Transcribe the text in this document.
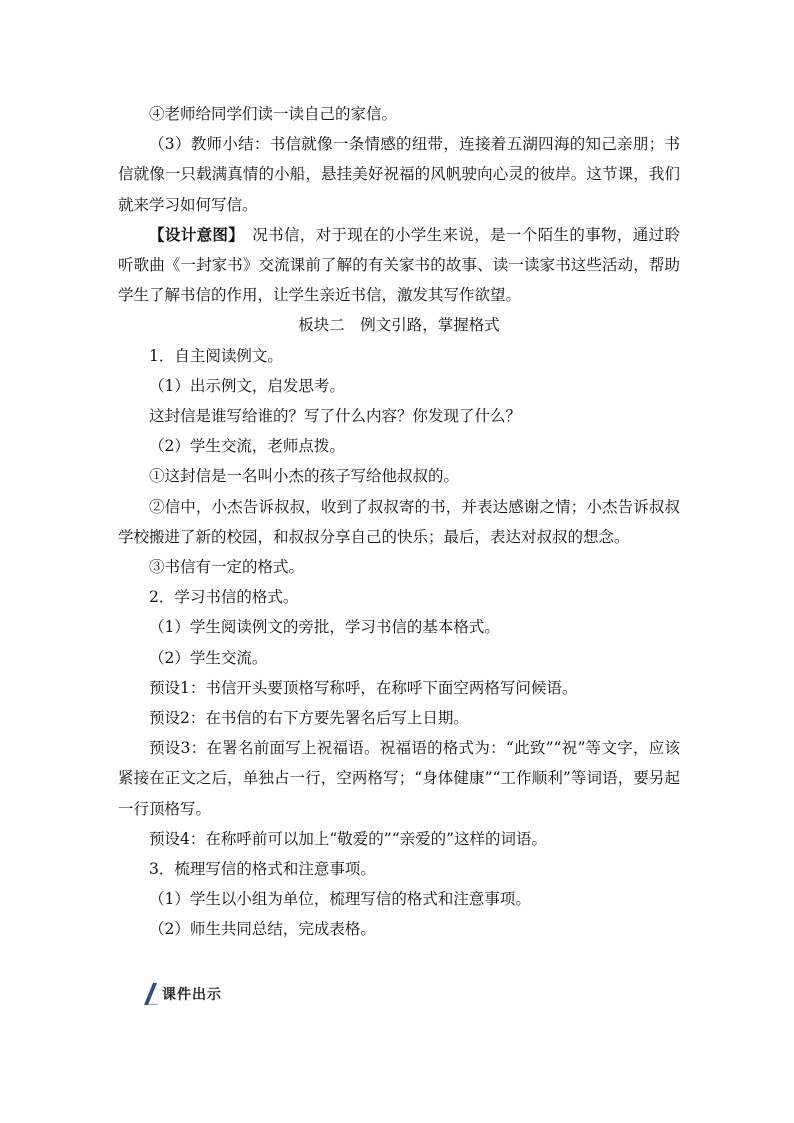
④老师给同学们读一读自己的家信。

（3）教师小结：书信就像一条情感的纽带，连接着五湖四海的知己亲朋；书信就像一只载满真情的小船，悬挂美好祝福的风帆驶向心灵的彼岸。这节课，我们就来学习如何写信。

【设计意图】　况书信，对于现在的小学生来说，是一个陌生的事物，通过聆听歌曲《一封家书》交流课前了解的有关家书的故事、读一读家书这些活动，帮助学生了解书信的作用，让学生亲近书信，激发其写作欲望。

板块二　例文引路，掌握格式

1．自主阅读例文。

（1）出示例文，启发思考。

这封信是谁写给谁的？写了什么内容？你发现了什么？

（2）学生交流，老师点拨。

①这封信是一名叫小杰的孩子写给他叔叔的。

②信中，小杰告诉叔叔，收到了叔叔寄的书，并表达感谢之情；小杰告诉叔叔学校搬进了新的校园，和叔叔分享自己的快乐；最后，表达对叔叔的想念。

③书信有一定的格式。

2．学习书信的格式。

（1）学生阅读例文的旁批，学习书信的基本格式。

（2）学生交流。

预设1：书信开头要顶格写称呼，在称呼下面空两格写问候语。

预设2：在书信的右下方要先署名后写上日期。

预设3：在署名前面写上祝福语。祝福语的格式为：“此致”“祝”等文字，应该紧接在正文之后，单独占一行，空两格写；“身体健康”“工作顺利”等词语，要另起一行顶格写。

预设4：在称呼前可以加上“敬爱的”“亲爱的”这样的词语。

3．梳理写信的格式和注意事项。

（1）学生以小组为单位，梳理写信的格式和注意事项。

（2）师生共同总结，完成表格。

课件出示
